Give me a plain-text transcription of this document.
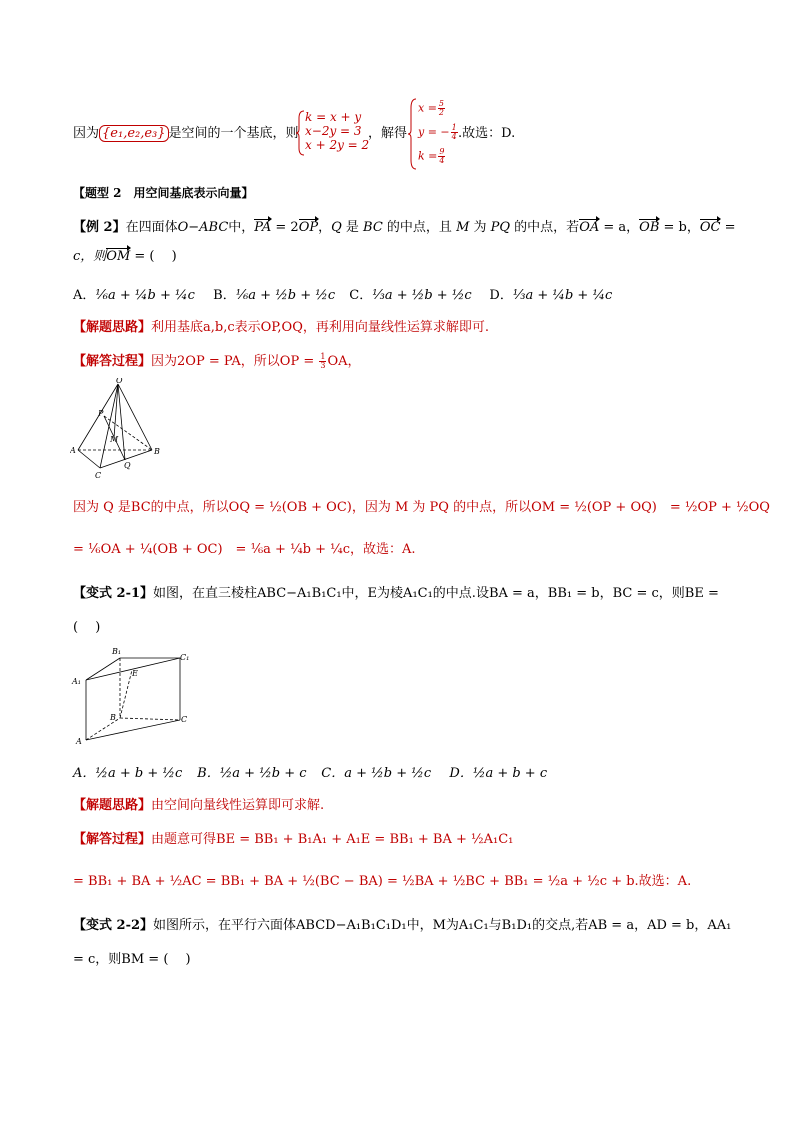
因为 {e₁,e₂,e₃} 是空间的一个基底，则
k = x + y
x−2y = 3
x + 2y = 2
，解得
$x = \frac{5}{2}$
y = − $\frac{1}{4}$
$k = \frac{9}{4}$
.故选：D.
【题型 2　用空间基底表示向量】
【例 2】在四面体O−ABC中，PA = 2OP，Q 是 BC 的中点，且 M 为 PQ 的中点，若OA = a，OB = b，OC =
c，则OM = (　 )
A．⅙a + ¼b + ¼c B．⅙a + ½b + ½c C．⅓a + ½b + ½c D．⅓a + ¼b + ¼c
【解题思路】利用基底a,b,c表示OP,OQ，再利用向量线性运算求解即可.
【解答过程】因为2OP = PA，所以OP = $\frac{1}{3}$ OA，
O
P
M
A	B
C
Q
因为 Q 是BC的中点，所以OQ = ½(OB + OC)，因为 M 为 PQ 的中点，所以OM = ½(OP + OQ)　= ½OP + ½OQ
= ⅙OA + ¼(OB + OC)　= ⅙a + ¼b + ¼c，故选：A.
【变式 2-1】如图，在直三棱柱ABC−A₁B₁C₁中，E为棱A₁C₁的中点.设BA = a，BB₁ = b，BC = c，则BE =
(　 )
B₁
C₁
A₁
E
B	C
A
A．½a + b + ½c B．½a + ½b + c C．a + ½b + ½c D．½a + b + c
【解题思路】由空间向量线性运算即可求解.
【解答过程】由题意可得BE = BB₁ + B₁A₁ + A₁E = BB₁ + BA + ½A₁C₁
= BB₁ + BA + ½AC = BB₁ + BA + ½(BC − BA) = ½BA + ½BC + BB₁ = ½a + ½c + b.故选：A.
【变式 2-2】如图所示，在平行六面体ABCD−A₁B₁C₁D₁中，M为A₁C₁与B₁D₁的交点,若AB = a，AD = b，AA₁
= c，则BM = (　 )
